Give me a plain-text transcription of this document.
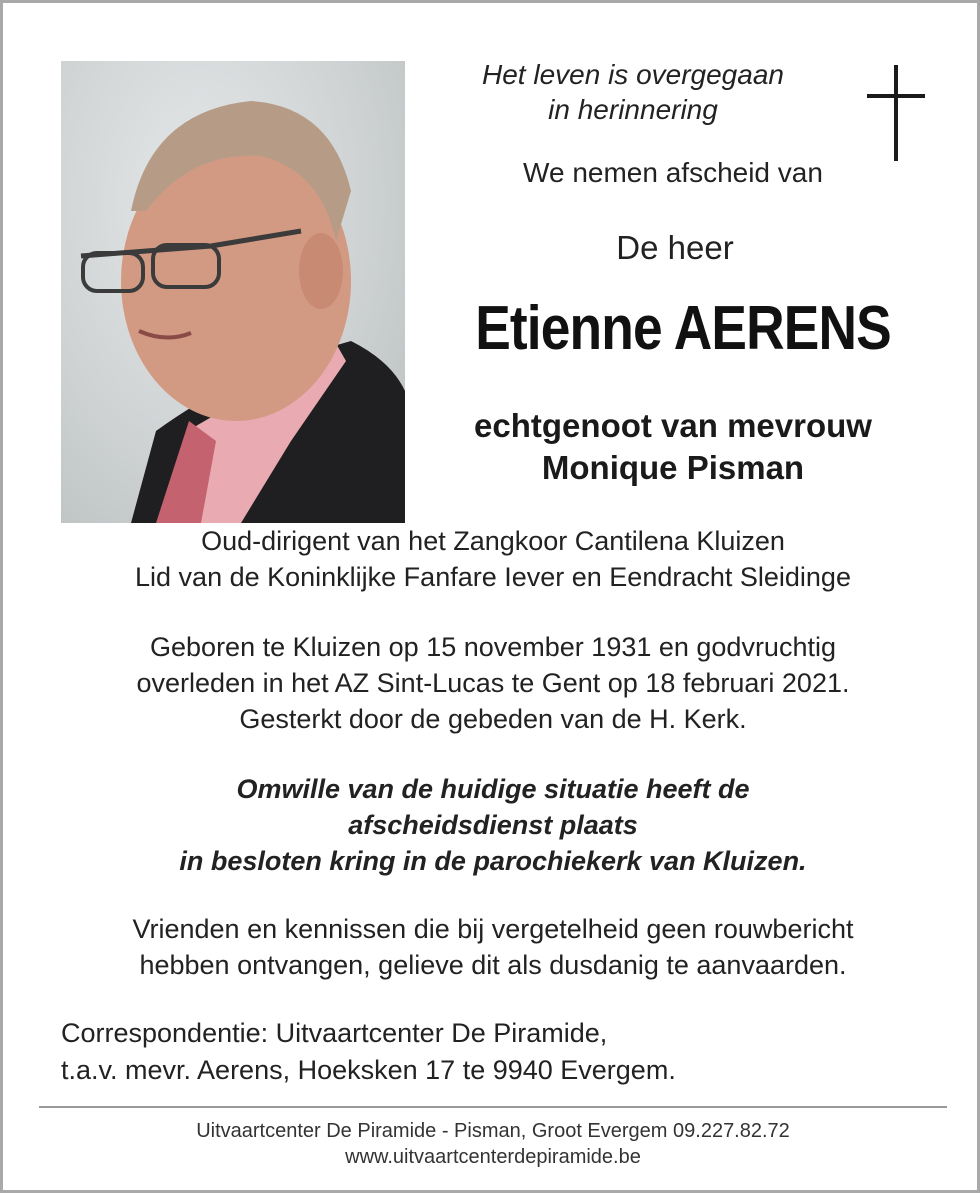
Het leven is overgegaan
in herinnering
We nemen afscheid van
De heer
Etienne AERENS
echtgenoot van mevrouw
Monique Pisman
Oud-dirigent van het Zangkoor Cantilena Kluizen
Lid van de Koninklijke Fanfare Iever en Eendracht Sleidinge
Geboren te Kluizen op 15 november 1931 en godvruchtig
overleden in het AZ Sint-Lucas te Gent op 18 februari 2021.
Gesterkt door de gebeden van de H. Kerk.
Omwille van de huidige situatie heeft de
afscheidsdienst plaats
in besloten kring in de parochiekerk van Kluizen.
Vrienden en kennissen die bij vergetelheid geen rouwbericht
hebben ontvangen, gelieve dit als dusdanig te aanvaarden.
Correspondentie: Uitvaartcenter De Piramide,
t.a.v. mevr. Aerens, Hoeksken 17 te 9940 Evergem.
Uitvaartcenter De Piramide - Pisman, Groot Evergem 09.227.82.72
www.uitvaartcenterdepiramide.be
